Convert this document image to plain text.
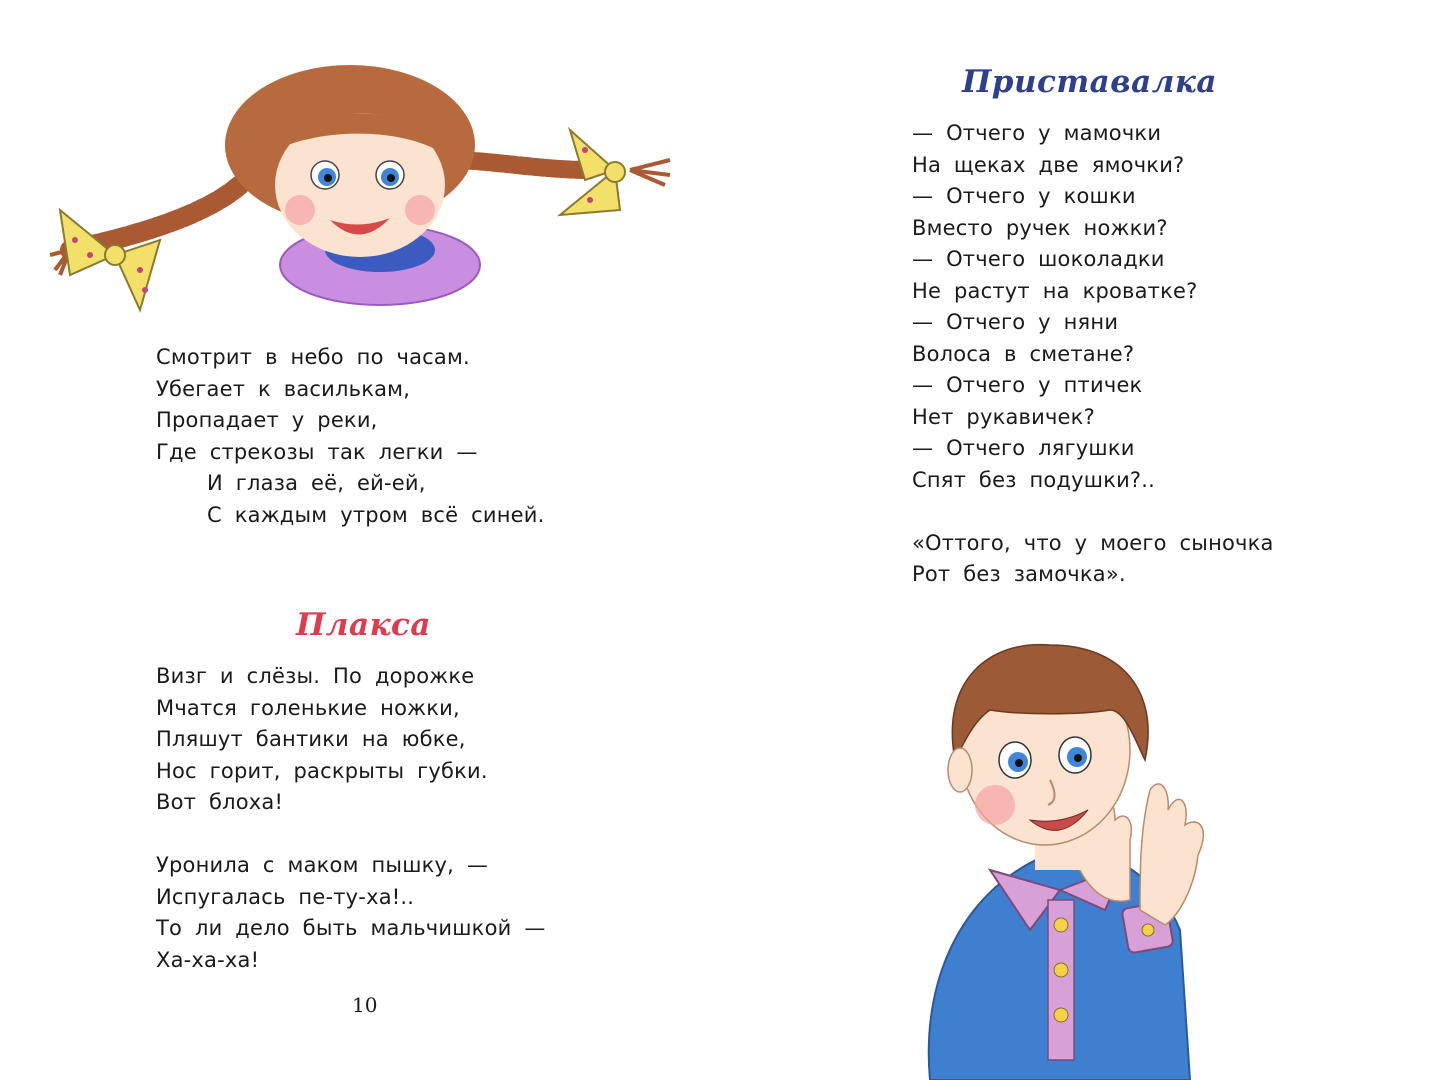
Смотрит в небо по часам.
Убегает к василькам,
Пропадает у реки,
Где стрекозы так легки —
И глаза её, ей-ей,
С каждым утром всё синей.
Плакса
Визг и слёзы. По дорожке
Мчатся голенькие ножки,
Пляшут бантики на юбке,
Нос горит, раскрыты губки.
Вот блоха!
Уронила с маком пышку, —
Испугалась пе-ту-ха!..
То ли дело быть мальчишкой —
Ха-ха-ха!
10
Приставалка
— Отчего у мамочки
На щеках две ямочки?
— Отчего у кошки
Вместо ручек ножки?
— Отчего шоколадки
Не растут на кроватке?
— Отчего у няни
Волоса в сметане?
— Отчего у птичек
Нет рукавичек?
— Отчего лягушки
Спят без подушки?..
«Оттого, что у моего сыночка
Рот без замочка».
